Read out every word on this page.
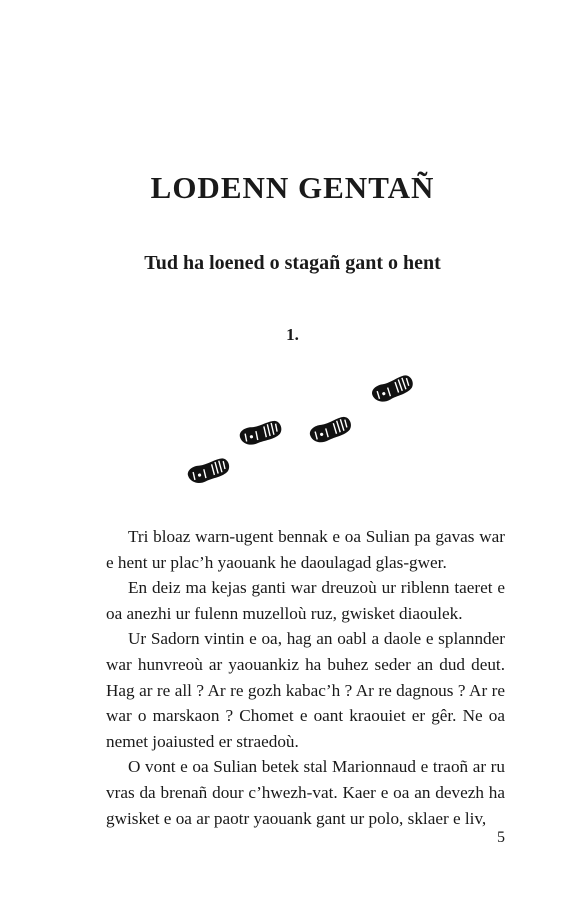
LODENN GENTAÑ
Tud ha loened o stagañ gant o hent
1.

Tri bloaz warn-ugent bennak e oa Sulian pa gavas war e hent ur plac’h yaouank he daoulagad glas-gwer.

En deiz ma kejas ganti war dreuzoù ur riblenn taeret e oa anezhi ur fulenn muzelloù ruz, gwisket diaoulek.

Ur Sadorn vintin e oa, hag an oabl a daole e splannder war hunvreoù ar yaouankiz ha buhez seder an dud deut. Hag ar re all ? Ar re gozh kabac’h ? Ar re dagnous ? Ar re war o marskaon ? Chomet e oant kraouiet er gêr. Ne oa nemet joaiusted er straedoù.

O vont e oa Sulian betek stal Marionnaud e traoñ ar ru vras da brenañ dour c’hwezh-vat. Kaer e oa an devezh ha gwisket e oa ar paotr yaouank gant ur polo, sklaer e liv,

5
